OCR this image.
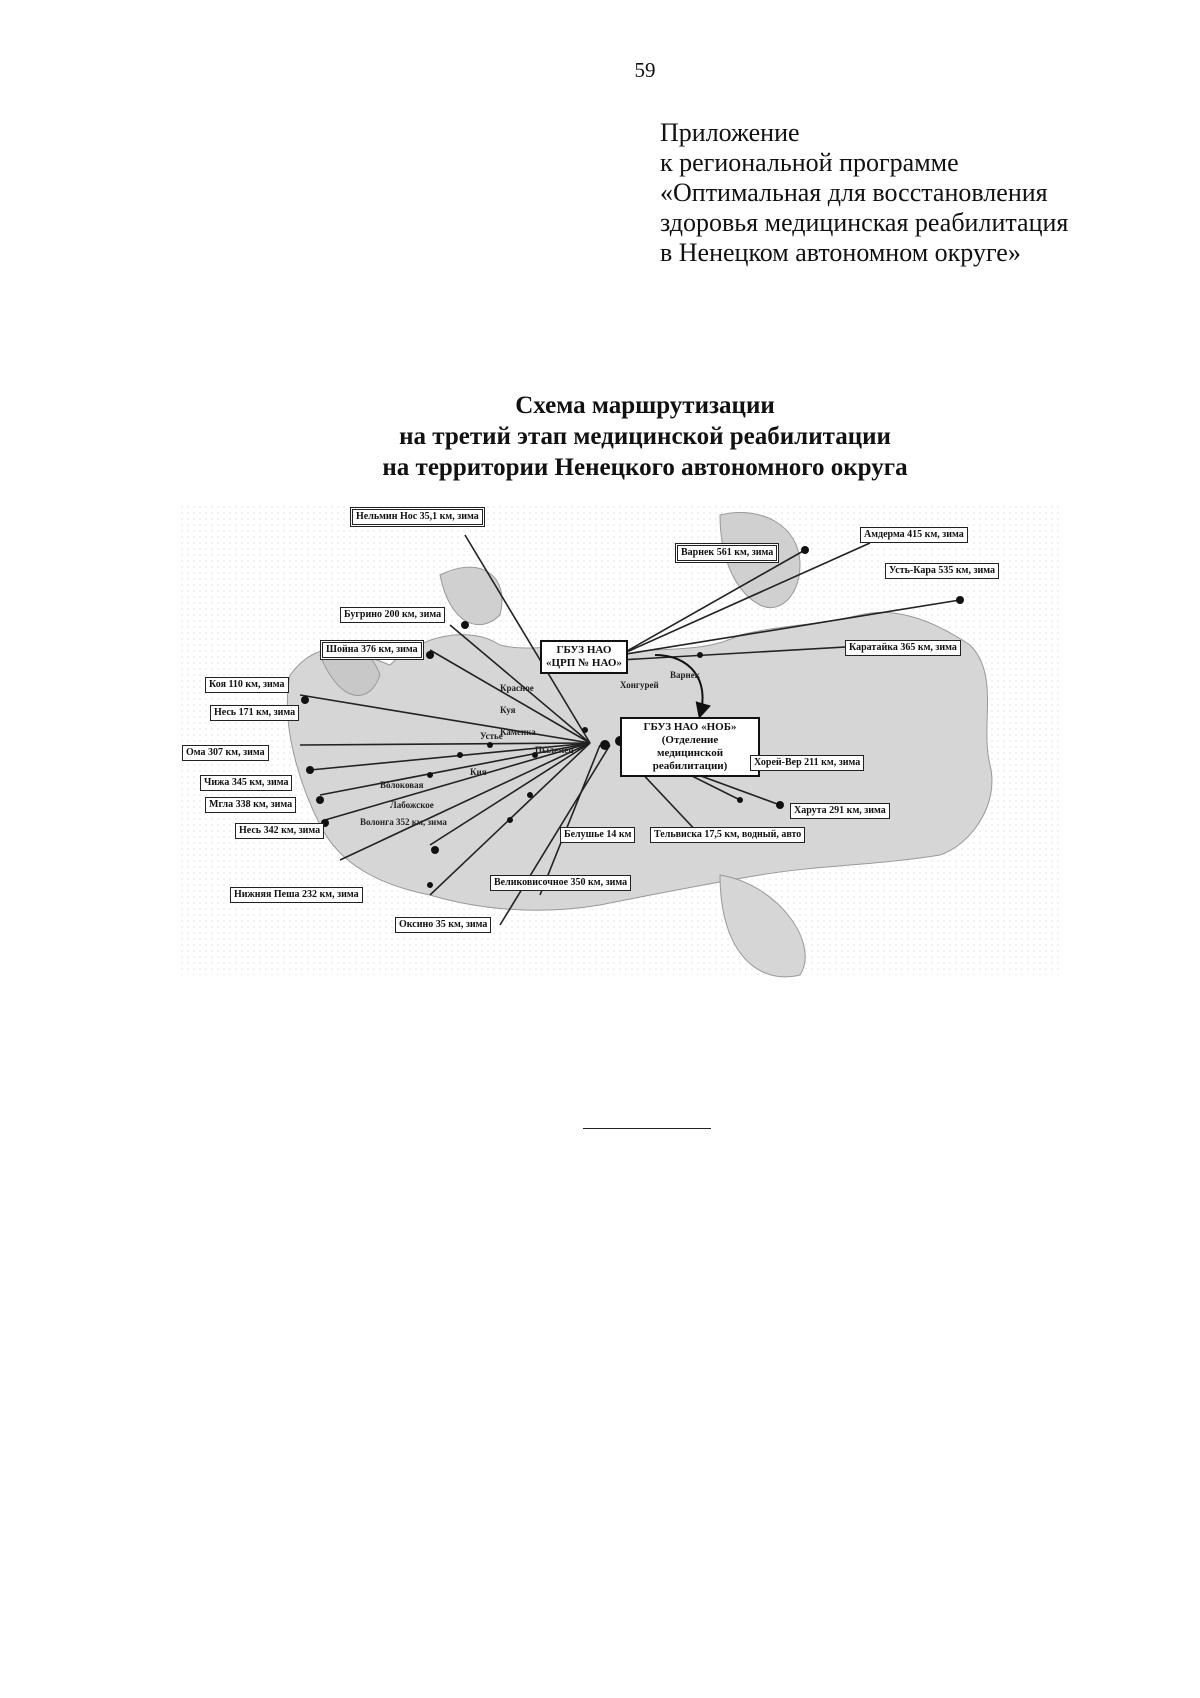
59
Приложение
к региональной программе
«Оптимальная для восстановления
здоровья медицинская реабилитация
в Ненецком автономном округе»
Схема маршрутизации
на третий этап медицинской реабилитации
на территории Ненецкого автономного округа
ГБУЗ НАО
«ЦРП № НАО»
ГБУЗ НАО «НОБ»
(Отделение
медицинской
реабилитации)
Нельмин Нос 35,1 км, зима
Варнек 561 км, зима
Амдерма 415 км, зима
Усть-Кара 535 км, зима
Бугрино 200 км, зима
Шойна 376 км, зима	Каратайка 365 км, зима
Коя 110 км, зима
Несь 171 км, зима
Ома 307 км, зима
Чижа 345 км, зима
Мгла 338 км, зима
Несь 342 км, зима
Нижняя Пеша 232 км, зима
Хорей-Вер 211 км, зима
Харута 291 км, зима
Тельвиска 17,5 км, водный, авто
Белушье 14 км
Великовисочное 350 км, зима
Оксино 35 км, зима
Волонга 352 км, зима
Красное
Варнек
Куя
Устье
Хонгурей
Пылемец
Волоковая
Лабожское
Каменка
Кия
